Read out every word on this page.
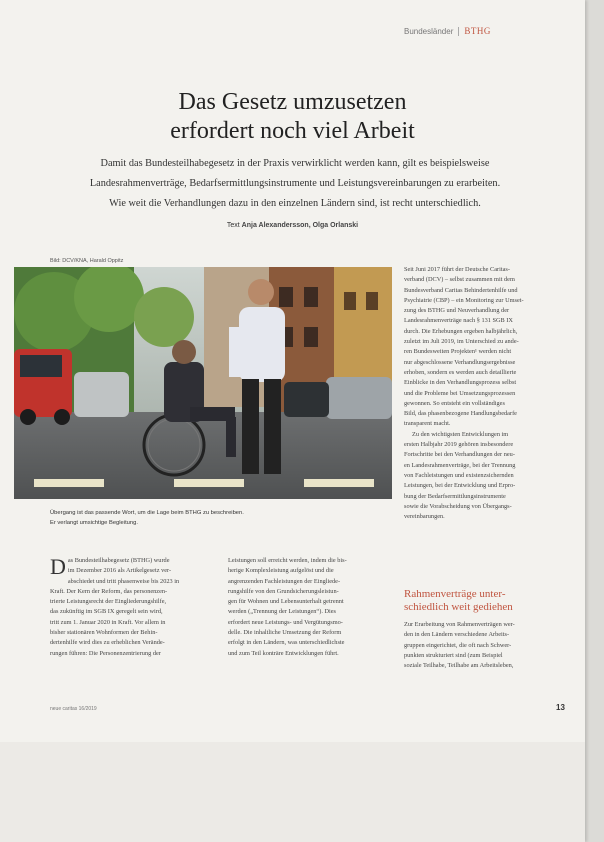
Bundesländer BTHG
Das Gesetz umzusetzen
erfordert noch viel Arbeit
Damit das Bundesteilhabegesetz in der Praxis verwirklicht werden kann, gilt es beispielsweise
Landesrahmenverträge, Bedarfsermittlungsinstrumente und Leistungsvereinbarungen zu erarbeiten.
Wie weit die Verhandlungen dazu in den einzelnen Ländern sind, ist recht unterschiedlich.
Text Anja Alexandersson, Olga Orlanski
Bild: DCV/KNA, Harald Oppitz
Übergang ist das passende Wort, um die Lage beim BTHG zu beschreiben.
Er verlangt umsichtige Begleitung.
D as Bundesteilhabegesetz (BTHG) wurde
im Dezember 2016 als Artikelgesetz ver-
abschiedet und tritt phasenweise bis 2023 in
Kraft. Der Kern der Reform, das personenzen-
trierte Leistungsrecht der Eingliederungshilfe,
das zukünftig im SGB IX geregelt sein wird,
tritt zum 1. Januar 2020 in Kraft. Vor allem in
bisher stationären Wohnformen der Behin-
dertenhilfe wird dies zu erheblichen Verände-
rungen führen: Die Personenzentrierung der
Leistungen soll erreicht werden, indem die bis-
herige Komplexleistung aufgelöst und die
angrenzenden Fachleistungen der Eingliede-
rungshilfe von den Grundsicherungsleistun-
gen für Wohnen und Lebensunterhalt getrennt
werden („Trennung der Leistungen“). Dies
erfordert neue Leistungs- und Vergütungsmo-
delle. Die inhaltliche Umsetzung der Reform
erfolgt in den Ländern, was unterschiedlichste
und zum Teil konträre Entwicklungen führt.
Seit Juni 2017 führt der Deutsche Caritas-
verband (DCV) – selbst zusammen mit dem
Bundesverband Caritas Behindertenhilfe und
Psychiatrie (CBP) – ein Monitoring zur Umset-
zung des BTHG und Neuverhandlung der
Landesrahmenverträge nach § 131 SGB IX
durch. Die Erhebungen ergeben halbjährlich,
zuletzt im Juli 2019, im Unterschied zu ande-
ren Bundesweiten Projekten¹ werden nicht
nur abgeschlossene Verhandlungsergebnisse
erhoben, sondern es werden auch detaillierte
Einblicke in den Verhandlungsprozess selbst
und die Probleme bei Umsetzungsprozessen
gewonnen. So entsteht ein vollständiges
Bild, das phasenbezogene Handlungsbedarfe
transparent macht.
Zu den wichtigsten Entwicklungen im
ersten Halbjahr 2019 gehören insbesondere
Fortschritte bei den Verhandlungen der neu-
en Landesrahmenverträge, bei der Trennung
von Fachleistungen und existenzsichernden
Leistungen, bei der Entwicklung und Erpro-
bung der Bedarfsermittlungsinstrumente
sowie die Vorabscheidung von Übergangs-
vereinbarungen.
Rahmenverträge unter-
schiedlich weit gediehen
Zur Erarbeitung von Rahmenverträgen wer-
den in den Ländern verschiedene Arbeits-
gruppen eingerichtet, die oft nach Schwer-
punkten strukturiert sind (zum Beispiel
soziale Teilhabe, Teilhabe am Arbeitsleben,
neue caritas 16/2019	13
